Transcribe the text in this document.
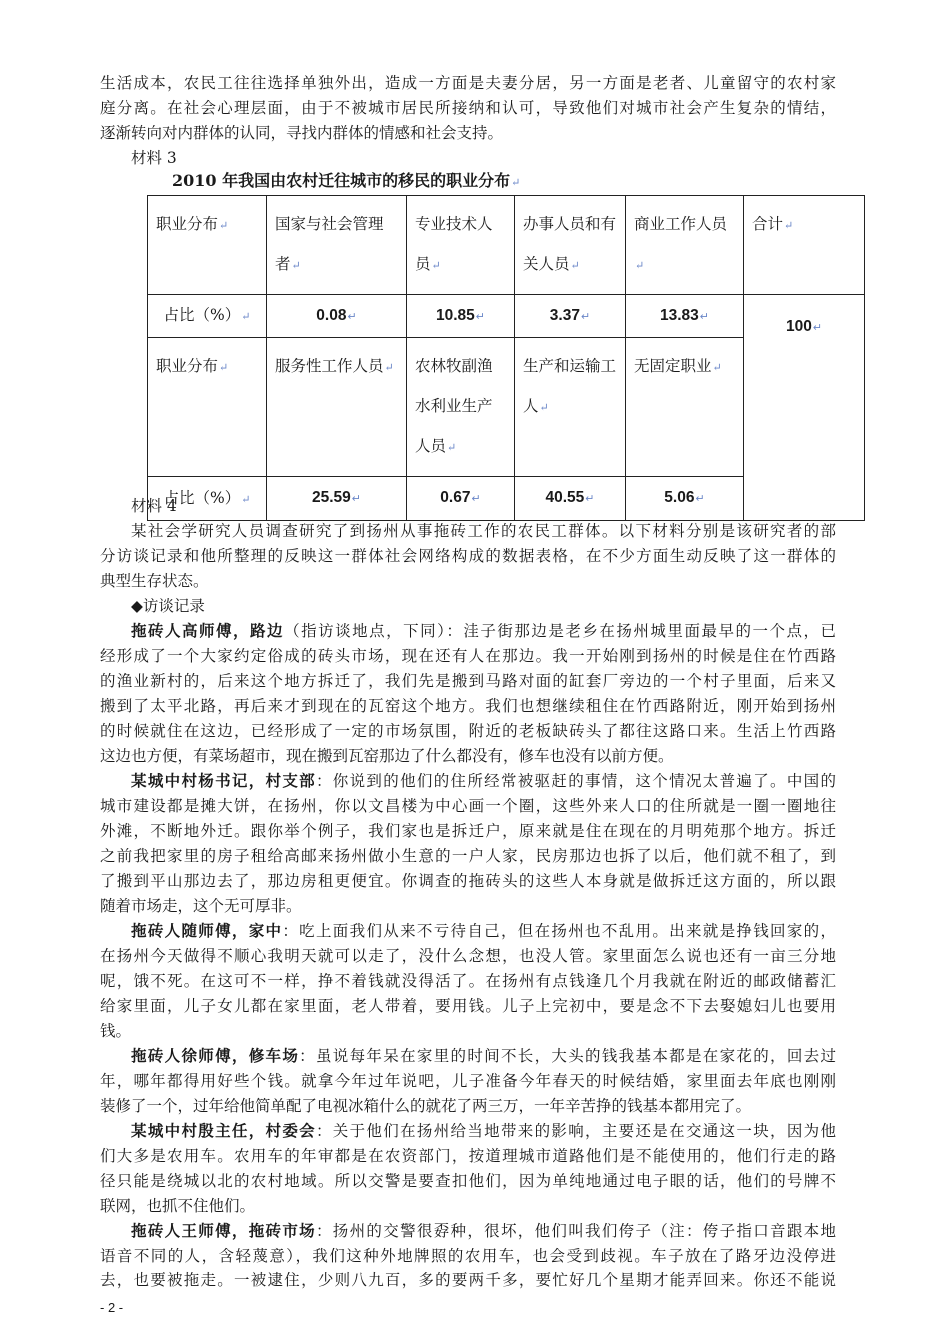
生活成本，农民工往往选择单独外出，造成一方面是夫妻分居，另一方面是老者、儿童留守的农村家
庭分离。在社会心理层面，由于不被城市居民所接纳和认可，导致他们对城市社会产生复杂的情结，
逐渐转向对内群体的认同，寻找内群体的情感和社会支持。
材料 3
2010 年我国由农村迁往城市的移民的职业分布↵
职业分布↵	国家与社会管理者↵	专业技术人员↵	办事人员和有关人员↵	商业工作人员↵	合计↵
占比（%）↵	0.08↵	10.85↵	3.37↵	13.83↵	100↵
职业分布↵	服务性工作人员↵	农林牧副渔水利业生产人员↵	生产和运输工人↵	无固定职业↵	
占比（%）↵	25.59↵	0.67↵	40.55↵	5.06↵	
材料 4
某社会学研究人员调查研究了到扬州从事拖砖工作的农民工群体。以下材料分别是该研究者的部
分访谈记录和他所整理的反映这一群体社会网络构成的数据表格，在不少方面生动反映了这一群体的
典型生存状态。
◆访谈记录
拖砖人高师傅，路边（指访谈地点，下同）：洼子街那边是老乡在扬州城里面最早的一个点，已
经形成了一个大家约定俗成的砖头市场，现在还有人在那边。我一开始刚到扬州的时候是住在竹西路
的渔业新村的，后来这个地方拆迁了，我们先是搬到马路对面的缸套厂旁边的一个村子里面，后来又
搬到了太平北路，再后来才到现在的瓦窑这个地方。我们也想继续租住在竹西路附近，刚开始到扬州
的时候就住在这边，已经形成了一定的市场氛围，附近的老板缺砖头了都往这路口来。生活上竹西路
这边也方便，有菜场超市，现在搬到瓦窑那边了什么都没有，修车也没有以前方便。
某城中村杨书记，村支部：你说到的他们的住所经常被驱赶的事情，这个情况太普遍了。中国的
城市建设都是摊大饼，在扬州，你以文昌楼为中心画一个圈，这些外来人口的住所就是一圈一圈地往
外滩，不断地外迁。跟你举个例子，我们家也是拆迁户，原来就是住在现在的月明苑那个地方。拆迁
之前我把家里的房子租给高邮来扬州做小生意的一户人家，民房那边也拆了以后，他们就不租了，到
了搬到平山那边去了，那边房租更便宜。你调查的拖砖头的这些人本身就是做拆迁这方面的，所以跟
随着市场走，这个无可厚非。
拖砖人随师傅，家中：吃上面我们从来不亏待自己，但在扬州也不乱用。出来就是挣钱回家的，
在扬州今天做得不顺心我明天就可以走了，没什么念想，也没人管。家里面怎么说也还有一亩三分地
呢，饿不死。在这可不一样，挣不着钱就没得活了。在扬州有点钱逢几个月我就在附近的邮政储蓄汇
给家里面，儿子女儿都在家里面，老人带着，要用钱。儿子上完初中，要是念不下去娶媳妇儿也要用
钱。
拖砖人徐师傅，修车场：虽说每年呆在家里的时间不长，大头的钱我基本都是在家花的，回去过
年，哪年都得用好些个钱。就拿今年过年说吧，儿子准备今年春天的时候结婚，家里面去年底也刚刚
装修了一个，过年给他简单配了电视冰箱什么的就花了两三万，一年辛苦挣的钱基本都用完了。
某城中村殷主任，村委会：关于他们在扬州给当地带来的影响，主要还是在交通这一块，因为他
们大多是农用车。农用车的年审都是在农资部门，按道理城市道路他们是不能使用的，他们行走的路
径只能是绕城以北的农村地域。所以交警是要查扣他们，因为单纯地通过电子眼的话，他们的号牌不
联网，也抓不住他们。
拖砖人王师傅，拖砖市场：扬州的交警很孬种，很坏，他们叫我们侉子（注：侉子指口音跟本地
语音不同的人，含轻蔑意），我们这种外地牌照的农用车，也会受到歧视。车子放在了路牙边没停进
去，也要被拖走。一被逮住，少则八九百，多的要两千多，要忙好几个星期才能弄回来。你还不能说
- 2 -
